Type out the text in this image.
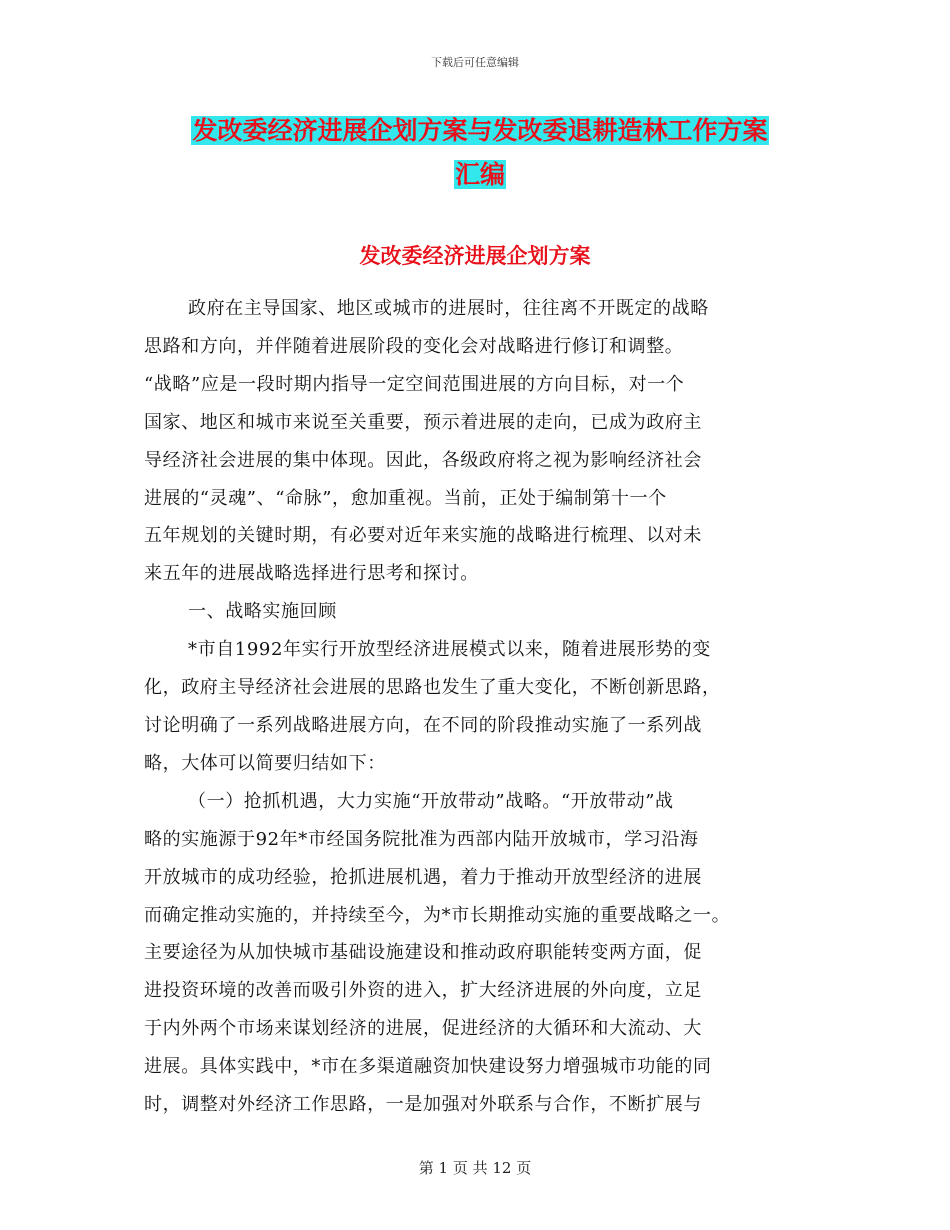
下载后可任意编辑
发改委经济进展企划方案与发改委退耕造林工作方案
汇编
发改委经济进展企划方案
政府在主导国家、地区或城市的进展时，往往离不开既定的战略
思路和方向，并伴随着进展阶段的变化会对战略进行修订和调整。
“战略”应是一段时期内指导一定空间范围进展的方向目标，对一个
国家、地区和城市来说至关重要，预示着进展的走向，已成为政府主
导经济社会进展的集中体现。因此，各级政府将之视为影响经济社会
进展的“灵魂”、“命脉”，愈加重视。当前，正处于编制第十一个
五年规划的关键时期，有必要对近年来实施的战略进行梳理、以对未
来五年的进展战略选择进行思考和探讨。
一、战略实施回顾
*市自1992年实行开放型经济进展模式以来，随着进展形势的变
化，政府主导经济社会进展的思路也发生了重大变化，不断创新思路，
讨论明确了一系列战略进展方向，在不同的阶段推动实施了一系列战
略，大体可以简要归结如下：
（一）抢抓机遇，大力实施“开放带动”战略。“开放带动”战
略的实施源于92年*市经国务院批准为西部内陆开放城市，学习沿海
开放城市的成功经验，抢抓进展机遇，着力于推动开放型经济的进展
而确定推动实施的，并持续至今，为*市长期推动实施的重要战略之一。
主要途径为从加快城市基础设施建设和推动政府职能转变两方面，促
进投资环境的改善而吸引外资的进入，扩大经济进展的外向度，立足
于内外两个市场来谋划经济的进展，促进经济的大循环和大流动、大
进展。具体实践中，*市在多渠道融资加快建设努力增强城市功能的同
时，调整对外经济工作思路，一是加强对外联系与合作，不断扩展与
第 1 页 共 12 页
